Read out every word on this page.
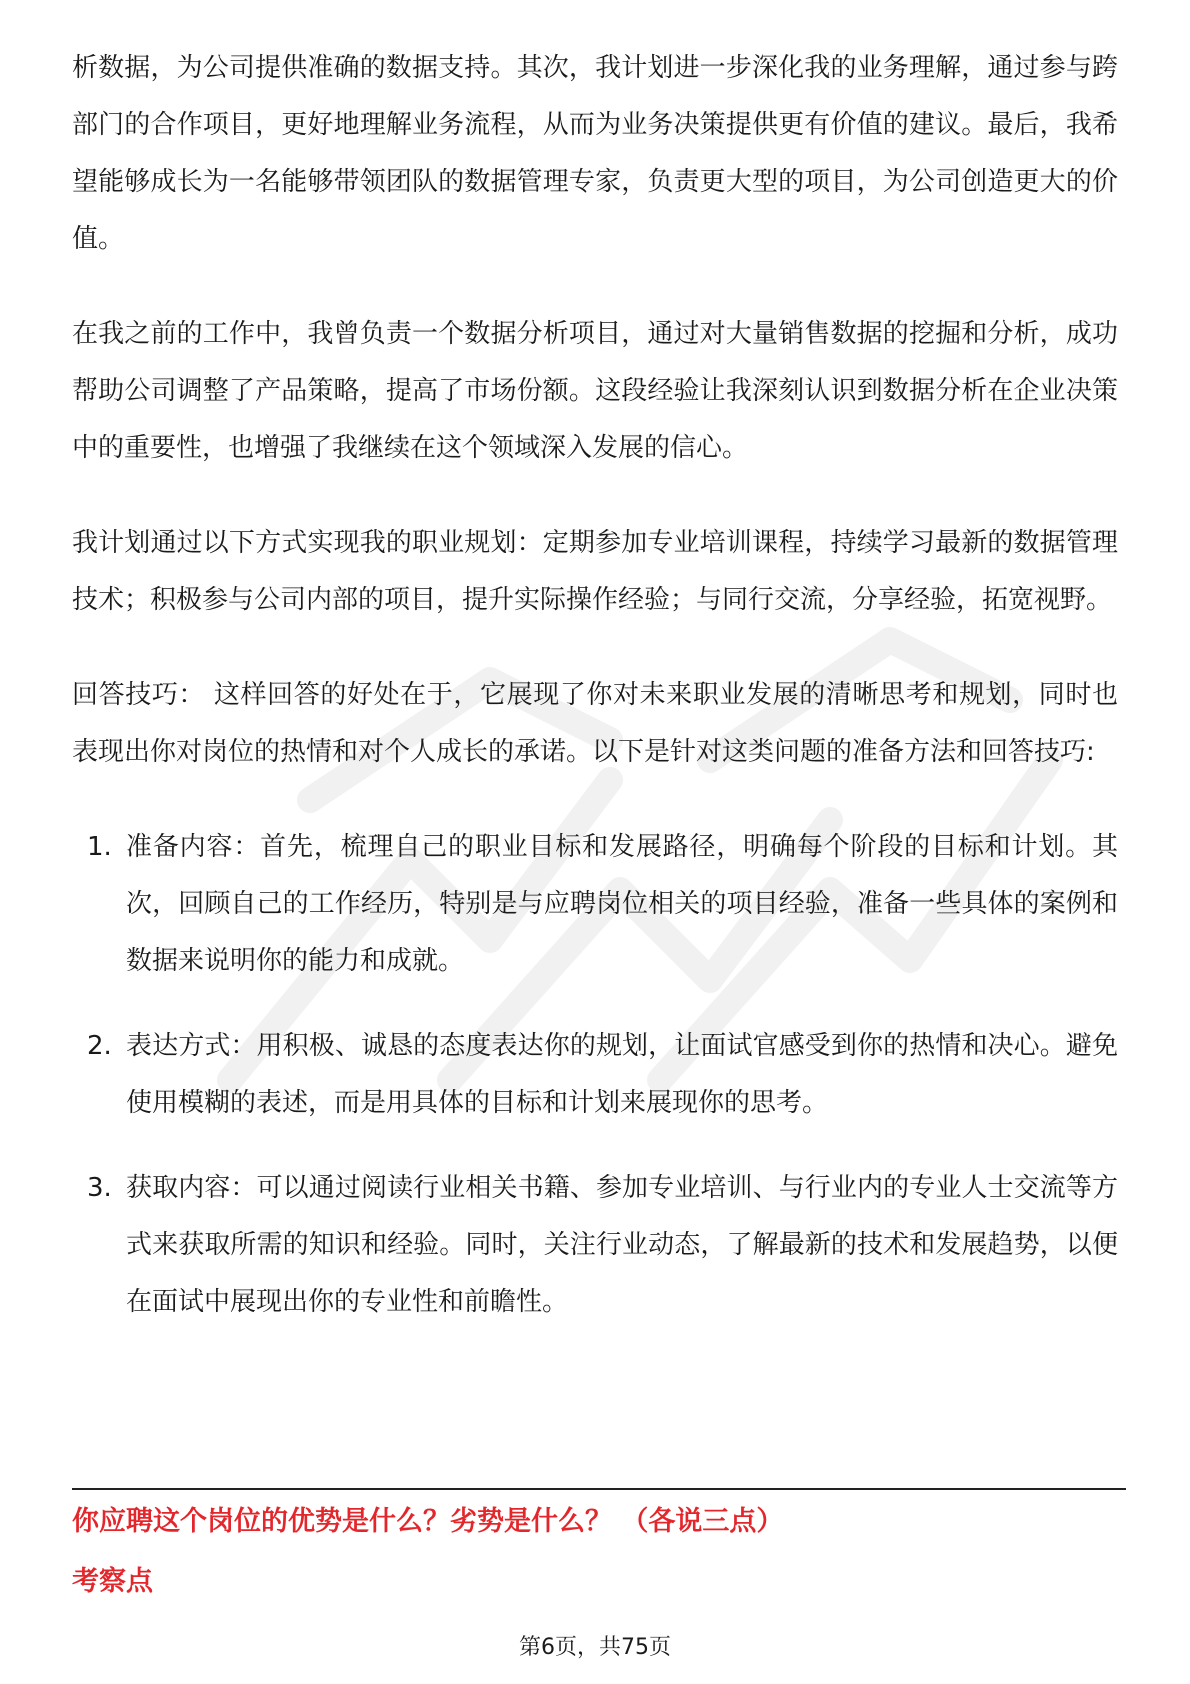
析数据，为公司提供准确的数据支持。其次，我计划进一步深化我的业务理解，通过参与跨部门的合作项目，更好地理解业务流程，从而为业务决策提供更有价值的建议。最后，我希望能够成长为一名能够带领团队的数据管理专家，负责更大型的项目，为公司创造更大的价值。

在我之前的工作中，我曾负责一个数据分析项目，通过对大量销售数据的挖掘和分析，成功帮助公司调整了产品策略，提高了市场份额。这段经验让我深刻认识到数据分析在企业决策中的重要性，也增强了我继续在这个领域深入发展的信心。

我计划通过以下方式实现我的职业规划：定期参加专业培训课程，持续学习最新的数据管理技术；积极参与公司内部的项目，提升实际操作经验；与同行交流，分享经验，拓宽视野。

回答技巧： 这样回答的好处在于，它展现了你对未来职业发展的清晰思考和规划，同时也表现出你对岗位的热情和对个人成长的承诺。以下是针对这类问题的准备方法和回答技巧:

1. 准备内容：首先，梳理自己的职业目标和发展路径，明确每个阶段的目标和计划。其次，回顾自己的工作经历，特别是与应聘岗位相关的项目经验，准备一些具体的案例和数据来说明你的能力和成就。
2. 表达方式：用积极、诚恳的态度表达你的规划，让面试官感受到你的热情和决心。避免使用模糊的表述，而是用具体的目标和计划来展现你的思考。
3. 获取内容：可以通过阅读行业相关书籍、参加专业培训、与行业内的专业人士交流等方式来获取所需的知识和经验。同时，关注行业动态，了解最新的技术和发展趋势，以便在面试中展现出你的专业性和前瞻性。
你应聘这个岗位的优势是什么？劣势是什么？ （各说三点）
考察点
第6页，共75页
